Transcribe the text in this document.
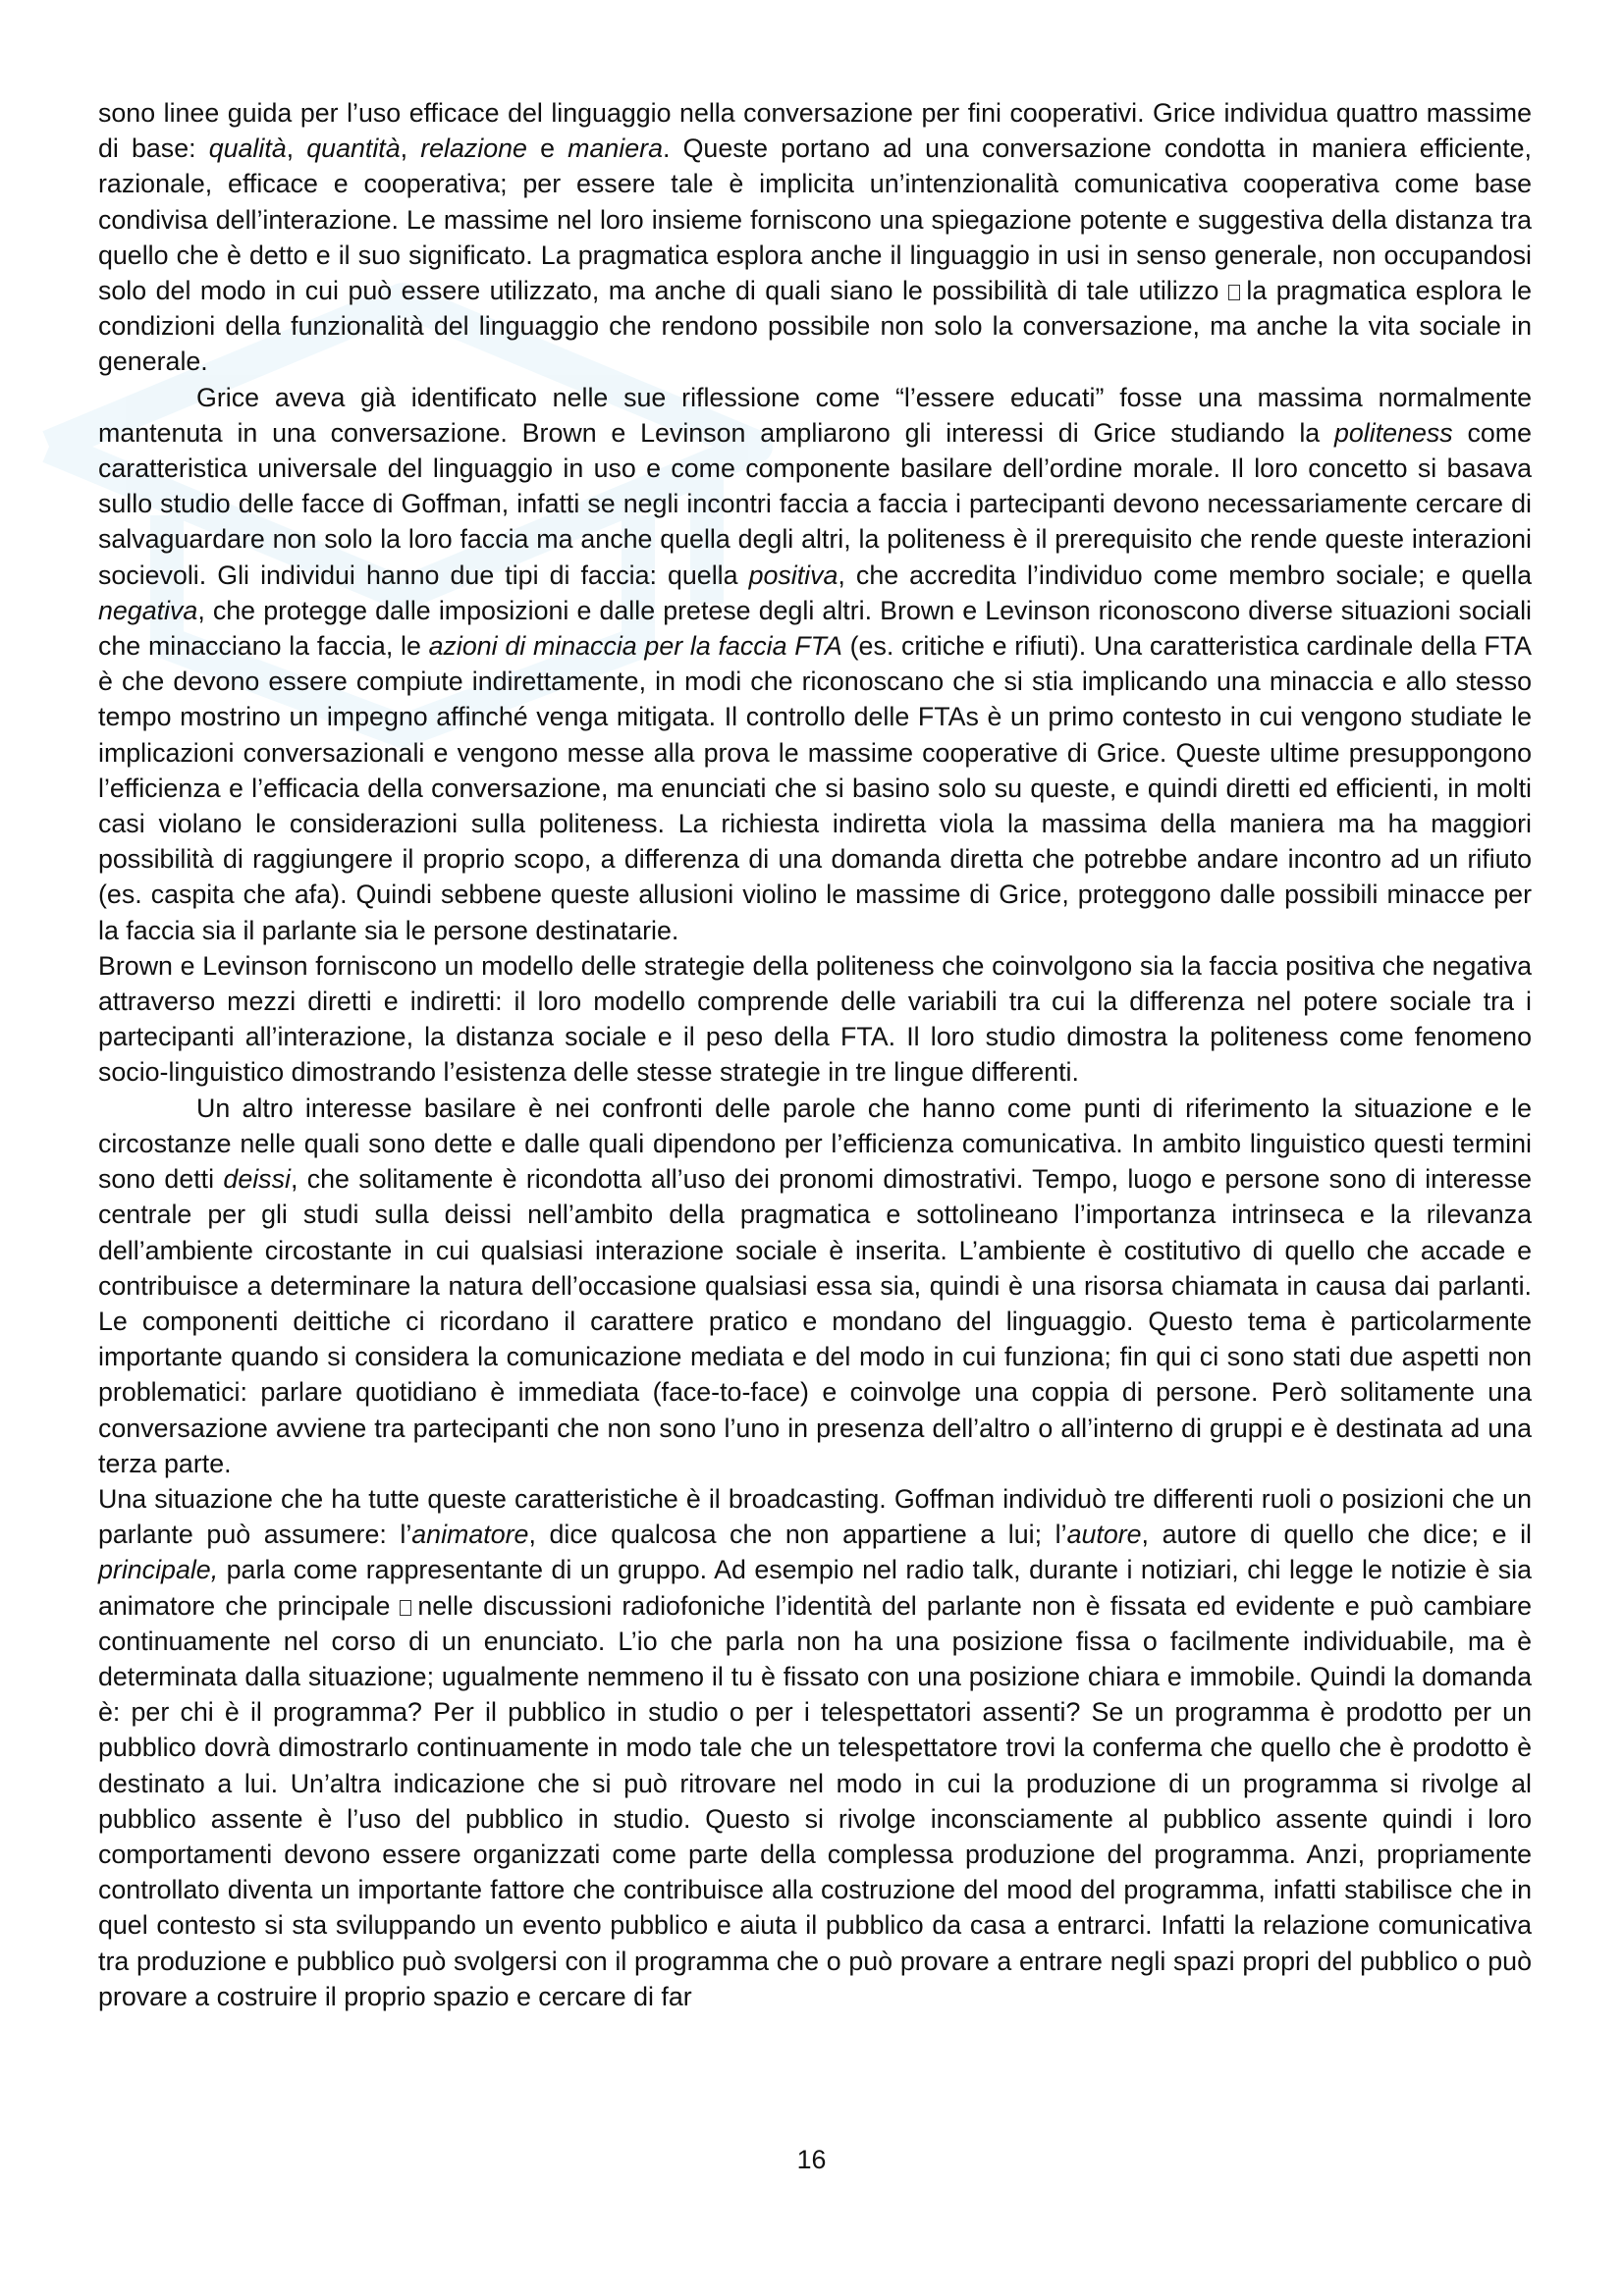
sono linee guida per l’uso efficace del linguaggio nella conversazione per fini cooperativi. Grice individua quattro massime di base: qualità, quantità, relazione e maniera. Queste portano ad una conversazione condotta in maniera efficiente, razionale, efficace e cooperativa; per essere tale è implicita un’intenzionalità comunicativa cooperativa come base condivisa dell’interazione. Le massime nel loro insieme forniscono una spiegazione potente e suggestiva della distanza tra quello che è detto e il suo significato. La pragmatica esplora anche il linguaggio in usi in senso generale, non occupandosi solo del modo in cui può essere utilizzato, ma anche di quali siano le possibilità di tale utilizzo la pragmatica esplora le condizioni della funzionalità del linguaggio che rendono possibile non solo la conversazione, ma anche la vita sociale in generale.

Grice aveva già identificato nelle sue riflessione come “l’essere educati” fosse una massima normalmente mantenuta in una conversazione. Brown e Levinson ampliarono gli interessi di Grice studiando la politeness come caratteristica universale del linguaggio in uso e come componente basilare dell’ordine morale. Il loro concetto si basava sullo studio delle facce di Goffman, infatti se negli incontri faccia a faccia i partecipanti devono necessariamente cercare di salvaguardare non solo la loro faccia ma anche quella degli altri, la politeness è il prerequisito che rende queste interazioni socievoli. Gli individui hanno due tipi di faccia: quella positiva, che accredita l’individuo come membro sociale; e quella negativa, che protegge dalle imposizioni e dalle pretese degli altri. Brown e Levinson riconoscono diverse situazioni sociali che minacciano la faccia, le azioni di minaccia per la faccia FTA (es. critiche e rifiuti). Una caratteristica cardinale della FTA è che devono essere compiute indirettamente, in modi che riconoscano che si stia implicando una minaccia e allo stesso tempo mostrino un impegno affinché venga mitigata. Il controllo delle FTAs è un primo contesto in cui vengono studiate le implicazioni conversazionali e vengono messe alla prova le massime cooperative di Grice. Queste ultime presuppongono l’efficienza e l’efficacia della conversazione, ma enunciati che si basino solo su queste, e quindi diretti ed efficienti, in molti casi violano le considerazioni sulla politeness. La richiesta indiretta viola la massima della maniera ma ha maggiori possibilità di raggiungere il proprio scopo, a differenza di una domanda diretta che potrebbe andare incontro ad un rifiuto (es. caspita che afa). Quindi sebbene queste allusioni violino le massime di Grice, proteggono dalle possibili minacce per la faccia sia il parlante sia le persone destinatarie.

Brown e Levinson forniscono un modello delle strategie della politeness che coinvolgono sia la faccia positiva che negativa attraverso mezzi diretti e indiretti: il loro modello comprende delle variabili tra cui la differenza nel potere sociale tra i partecipanti all’interazione, la distanza sociale e il peso della FTA. Il loro studio dimostra la politeness come fenomeno socio-linguistico dimostrando l’esistenza delle stesse strategie in tre lingue differenti.

Un altro interesse basilare è nei confronti delle parole che hanno come punti di riferimento la situazione e le circostanze nelle quali sono dette e dalle quali dipendono per l’efficienza comunicativa. In ambito linguistico questi termini sono detti deissi, che solitamente è ricondotta all’uso dei pronomi dimostrativi. Tempo, luogo e persone sono di interesse centrale per gli studi sulla deissi nell’ambito della pragmatica e sottolineano l’importanza intrinseca e la rilevanza dell’ambiente circostante in cui qualsiasi interazione sociale è inserita. L’ambiente è costitutivo di quello che accade e contribuisce a determinare la natura dell’occasione qualsiasi essa sia, quindi è una risorsa chiamata in causa dai parlanti. Le componenti deittiche ci ricordano il carattere pratico e mondano del linguaggio. Questo tema è particolarmente importante quando si considera la comunicazione mediata e del modo in cui funziona; fin qui ci sono stati due aspetti non problematici: parlare quotidiano è immediata (face-to-face) e coinvolge una coppia di persone. Però solitamente una conversazione avviene tra partecipanti che non sono l’uno in presenza dell’altro o all’interno di gruppi e è destinata ad una terza parte.

Una situazione che ha tutte queste caratteristiche è il broadcasting. Goffman individuò tre differenti ruoli o posizioni che un parlante può assumere: l’animatore, dice qualcosa che non appartiene a lui; l’autore, autore di quello che dice; e il principale, parla come rappresentante di un gruppo. Ad esempio nel radio talk, durante i notiziari, chi legge le notizie è sia animatore che principale nelle discussioni radiofoniche l’identità del parlante non è fissata ed evidente e può cambiare continuamente nel corso di un enunciato. L’io che parla non ha una posizione fissa o facilmente individuabile, ma è determinata dalla situazione; ugualmente nemmeno il tu è fissato con una posizione chiara e immobile. Quindi la domanda è: per chi è il programma? Per il pubblico in studio o per i telespettatori assenti? Se un programma è prodotto per un pubblico dovrà dimostrarlo continuamente in modo tale che un telespettatore trovi la conferma che quello che è prodotto è destinato a lui. Un’altra indicazione che si può ritrovare nel modo in cui la produzione di un programma si rivolge al pubblico assente è l’uso del pubblico in studio. Questo si rivolge inconsciamente al pubblico assente quindi i loro comportamenti devono essere organizzati come parte della complessa produzione del programma. Anzi, propriamente controllato diventa un importante fattore che contribuisce alla costruzione del mood del programma, infatti stabilisce che in quel contesto si sta sviluppando un evento pubblico e aiuta il pubblico da casa a entrarci. Infatti la relazione comunicativa tra produzione e pubblico può svolgersi con il programma che o può provare a entrare negli spazi propri del pubblico o può provare a costruire il proprio spazio e cercare di far

16
